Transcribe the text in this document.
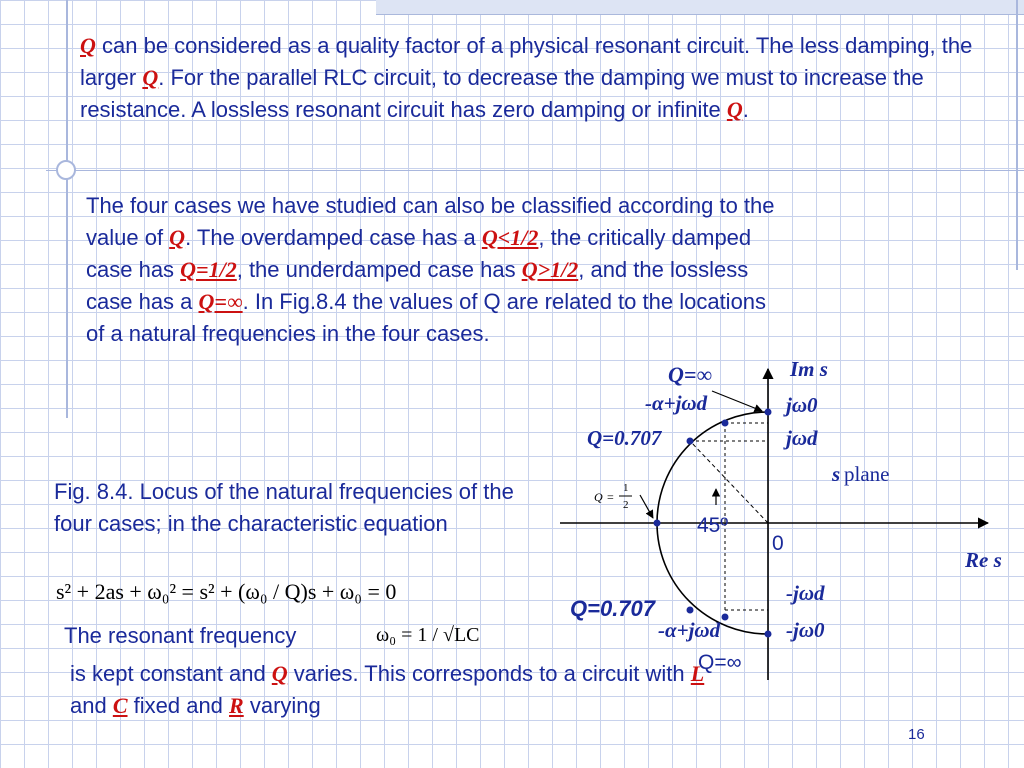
Q can be considered as a quality factor of a physical resonant circuit. The less damping, the larger Q. For the parallel RLC circuit, to decrease the damping we must to increase the resistance. A lossless resonant circuit has zero damping or infinite Q.

The four cases we have studied can also be classified according to the
value of Q. The overdamped case has a Q<1/2, the critically damped
case has Q=1/2, the underdamped case has Q>1/2, and the lossless
case has a Q=∞. In Fig.8.4 the values of Q are related to the locations
of a natural frequencies in the four cases.

Fig. 8.4. Locus of the natural frequencies of the four cases; in the characteristic equation

s² + 2as + ω₀² = s² + (ω₀ / Q)s + ω₀ = 0

The resonant frequency	ω₀ = 1 / √LC

is kept constant and Q varies. This corresponds to a circuit with L and C fixed and R varying

Q =
1
2
Q=∞	Im s
-α+jωd	jω0
Q=0.707	jωd
s plane
45º
0
Re s
-jωd
Q=0.707
-α+jωd	-jω0
Q=∞
16
